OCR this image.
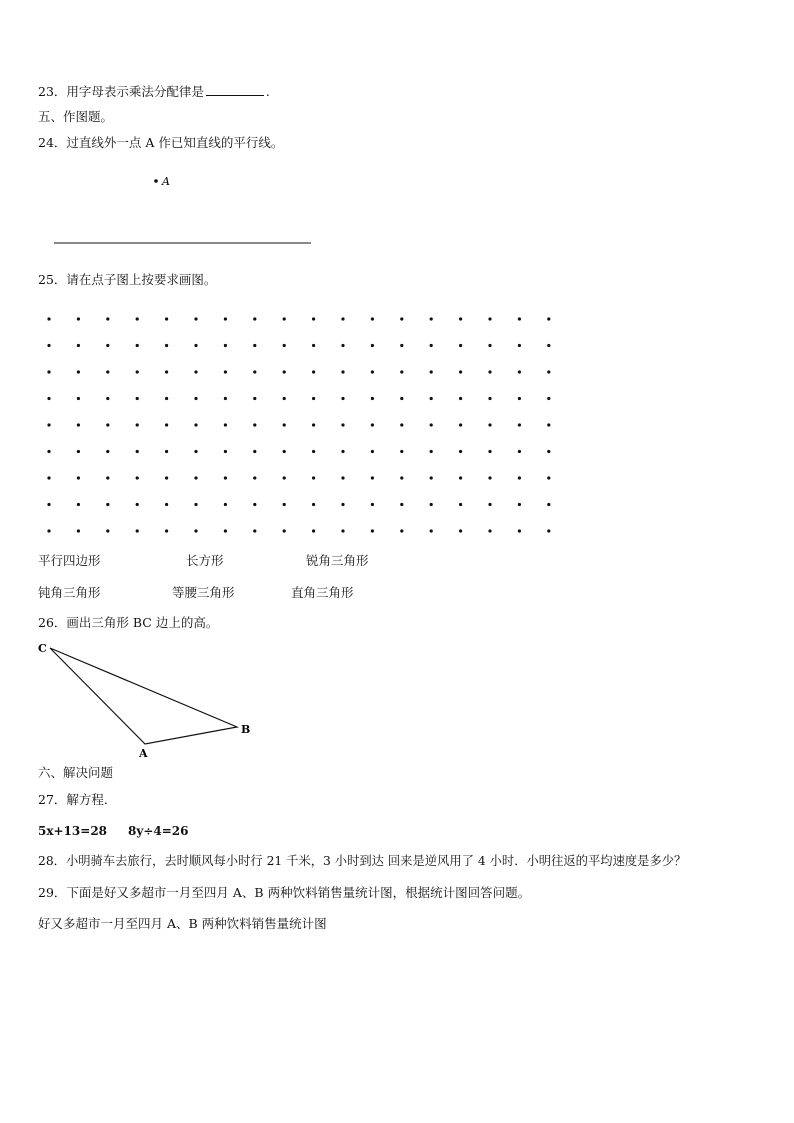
23．用字母表示乘法分配律是	.
五、作图题。
24．过直线外一点 A 作已知直线的平行线。
A
C
B
A
25．请在点子图上按要求画图。
平行四边形	长方形	锐角三角形
钝角三角形	等腰三角形	直角三角形
26．画出三角形 BC 边上的高。
六、解决问题
27．解方程.
5x+13=28 8y÷4=26
28．小明骑车去旅行，去时顺风每小时行 21 千米，3 小时到达 回来是逆风用了 4 小时．小明往返的平均速度是多少？
29．下面是好又多超市一月至四月 A、B 两种饮料销售量统计图，根据统计图回答问题。
好又多超市一月至四月 A、B 两种饮料销售量统计图
